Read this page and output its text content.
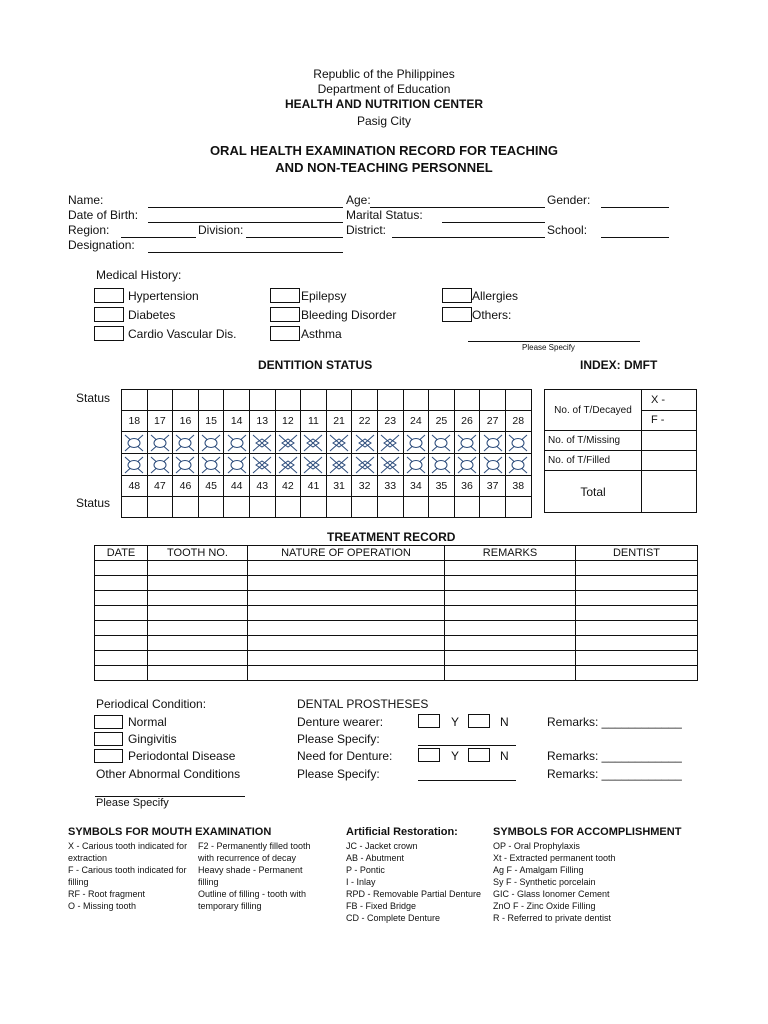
Republic of the Philippines
Department of Education
HEALTH AND NUTRITION CENTER
Pasig City
ORAL HEALTH EXAMINATION RECORD FOR TEACHING
AND NON-TEACHING PERSONNEL
Name:	Age:	Gender:
Date of Birth:	Marital Status:
Region:	Division:	District:	School:
Designation:
Medical History:
Hypertension	Epilepsy	Allergies
Diabetes	Bleeding Disorder	Others:
Cardio Vascular Dis.	Asthma
Please Specify
DENTITION STATUS	INDEX: DMFT
Status
Status

18	17	16	15	14	13	12	11	21	22	23	24	25	26	27	28

48	47	46	45	44	43	42	41	31	32	33	34	35	36	37	38

No. of T/Decayed	X -
	F -
No. of T/Missing	
No. of T/Filled	
Total	
TREATMENT RECORD
DATE	TOOTH NO.	NATURE OF OPERATION	REMARKS	DENTIST

Periodical Condition:
Normal
Gingivitis
Periodontal Disease
Other Abnormal Conditions
Please Specify
DENTAL PROSTHESES
Denture wearer:	Y	N	Remarks: ____________
Please Specify:
Need for Denture:	Y	N	Remarks: ____________
Please Specify:	Remarks: ____________
SYMBOLS FOR MOUTH EXAMINATION
X - Carious tooth indicated for
extraction
F - Carious tooth indicated for
filling
RF - Root fragment
O - Missing tooth
F2 - Permanently filled tooth
with recurrence of decay
Heavy shade - Permanent
filling
Outline of filling - tooth with
temporary filling
Artificial Restoration:
JC - Jacket crown
AB - Abutment
P - Pontic
I - Inlay
RPD - Removable Partial Denture
FB - Fixed Bridge
CD - Complete Denture
SYMBOLS FOR ACCOMPLISHMENT
OP - Oral Prophylaxis
Xt - Extracted permanent tooth
Ag F - Amalgam Filling
Sy F - Synthetic porcelain
GIC - Glass Ionomer Cement
ZnO F - Zinc Oxide Filling
R - Referred to private dentist
